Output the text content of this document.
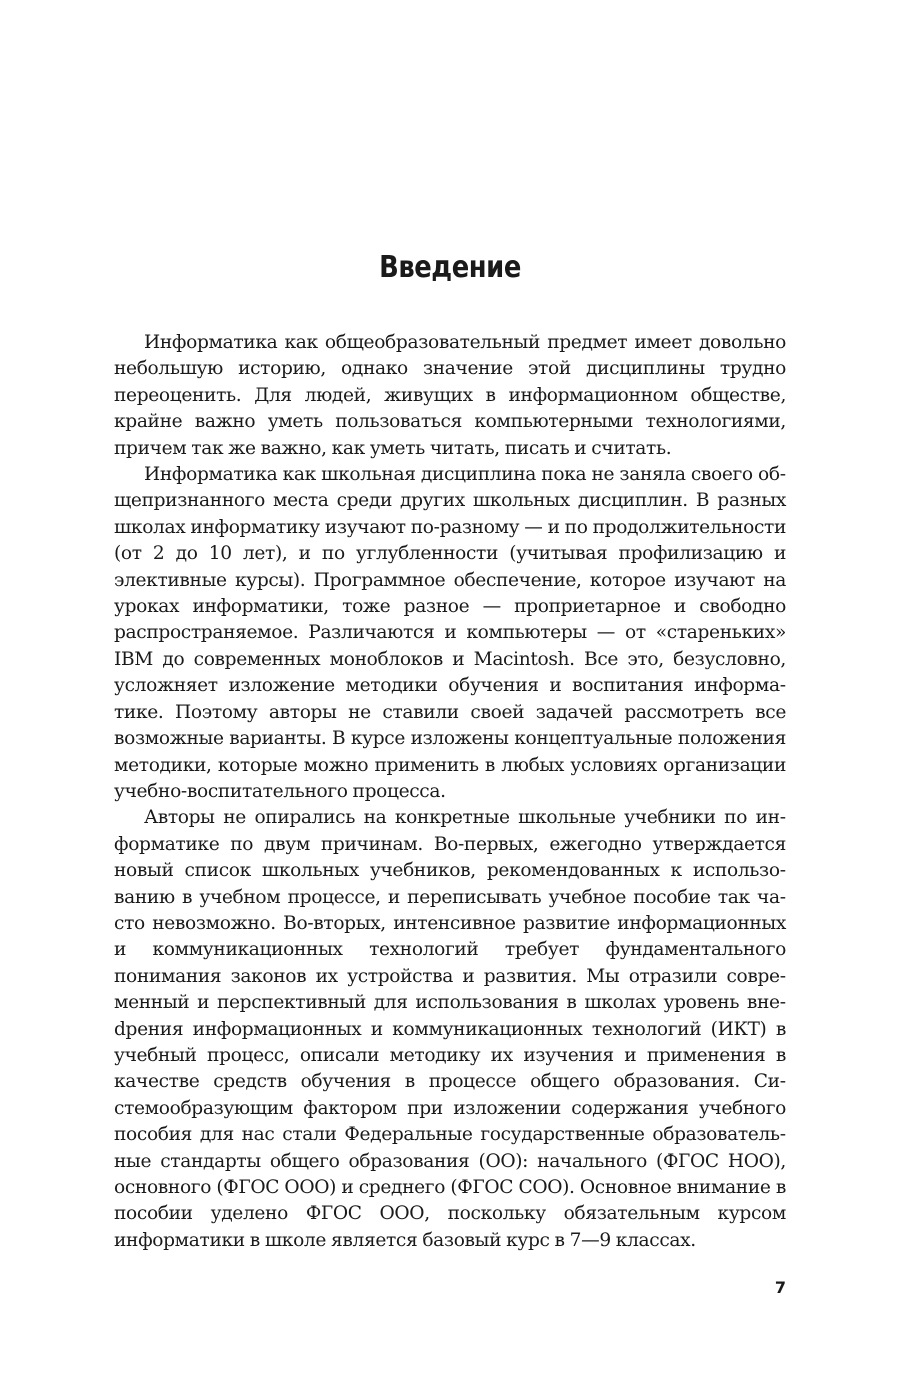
Введение

Информатика как общеобразовательный предмет имеет довольно небольшую историю, однако значение этой дисциплины трудно переоценить. Для людей, живущих в информационном обществе, крайне важно уметь пользоваться компьютерными технологиями, причем так же важно, как уметь читать, писать и считать.

Информатика как школьная дисциплина пока не заняла своего общепризнанного места среди других школьных дисциплин. В разных школах информатику изучают по-разному — и по продолжительности (от 2 до 10 лет), и по углубленности (учитывая профилизацию и элективные курсы). Программное обеспечение, которое изучают на уроках информатики, тоже разное — проприетарное и свободно распространяемое. Различаются и компьютеры — от «стареньких» IBM до современных моноблоков и Macintosh. Все это, безусловно, усложняет изложение методики обучения и воспитания информатике. Поэтому авторы не ставили своей задачей рассмотреть все возможные варианты. В курсе изложены концептуальные положения методики, которые можно применить в любых условиях организации учебно-воспитательного процесса.

Авторы не опирались на конкретные школьные учебники по информатике по двум причинам. Во-первых, ежегодно утверждается новый список школьных учебников, рекомендованных к использованию в учебном процессе, и переписывать учебное пособие так часто невозможно. Во-вторых, интенсивное развитие информационных и коммуникационных технологий требует фундаментального понимания законов их устройства и развития. Мы отразили современный и перспективный для использования в школах уровень внеdрения информационных и коммуникационных технологий (ИКТ) в учебный процесс, описали методику их изучения и применения в качестве средств обучения в процессе общего образования. Системообразующим фактором при изложении содержания учебного пособия для нас стали Федеральные государственные образовательные стандарты общего образования (ОО): начального (ФГОС НОО), основного (ФГОС ООО) и среднего (ФГОС СОО). Основное внимание в пособии уделено ФГОС ООО, поскольку обязательным курсом информатики в школе является базовый курс в 7—9 классах.

7
